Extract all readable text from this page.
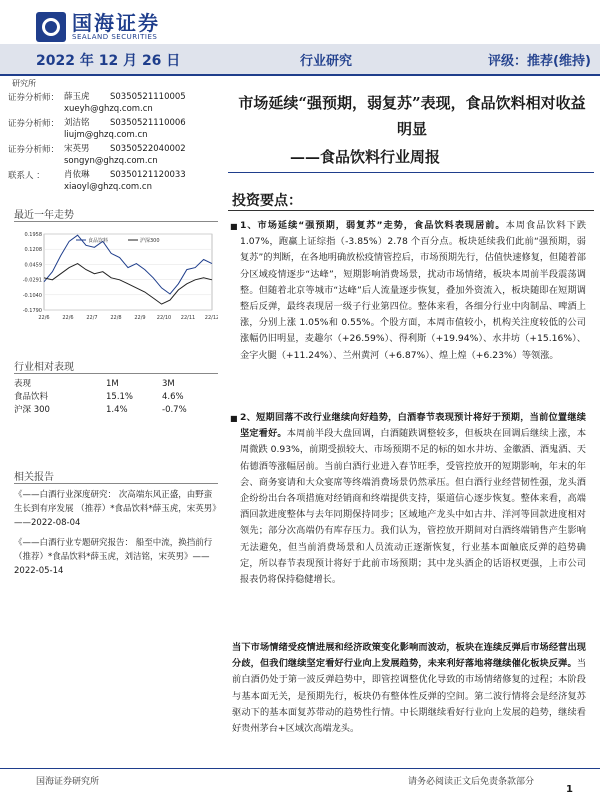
国海证券
SEALAND SECURITIES
2022 年 12 月 26 日	行业研究	评级：推荐(维持)
研究所
证券分析师： 薛玉虎	S0350521110005
xueyh@ghzq.com.cn
证券分析师： 刘洁铭	S0350521110006
liujm@ghzq.com.cn
证券分析师： 宋英男	S0350522040002
songyn@ghzq.com.cn
联系人 ：	肖依琳	S0350121120033
xiaoyl@ghzq.com.cn
最近一年走势
0.1958
0.1208
0.0459
-0.0291
-0.1040
-0.1790
22/6	22/6	22/7	22/8	22/9 22/10 22/11 22/12
食品饮料	沪深300
行业相对表现
表现	1M	3M
食品饮料	15.1%	4.6%
沪深 300	1.4%	-0.7%
相关报告
《——白酒行业深度研究： 次高端东风正盛，由野蛮生长到有序发展 （推荐）*食品饮料*薛玉虎，宋英男》——2022-08-04
《——白酒行业专题研究报告： 船至中流，换挡前行 （推荐）*食品饮料*薛玉虎，刘洁铭，宋英男》——2022-05-14
市场延续“强预期，弱复苏”表现，食品饮料相对收益明显
——食品饮料行业周报
投资要点：
■ 1、市场延续“强预期，弱复苏”走势，食品饮料表现居前。本周食品饮料下跌 1.07%，跑赢上证综指（-3.85%）2.78 个百分点。板块延续我们此前“强预期，弱复苏”的判断，在各地明确放松疫情管控后，市场预期先行，估值快速修复，但随着部分区域疫情逐步“达峰”，短期影响消费场景，扰动市场情绪，板块本周前半段震荡调整。但随着北京等城市“达峰”后人流量逐步恢复，叠加外资流入，板块随即在短期调整后反弹，最终表现居一级子行业第四位。整体来看，各细分行业中肉制品、啤酒上涨，分别上涨 1.05%和 0.55%。个股方面，本周市值较小，机构关注度较低的公司涨幅仍旧明显，麦趣尔（+26.59%）、得利斯（+19.94%）、水井坊（+15.16%）、金字火腿（+11.24%）、兰州黄河（+6.87%）、煌上煌（+6.23%）等领涨。
■ 2、短期回落不改行业继续向好趋势，白酒春节表现预计将好于预期，当前位置继续坚定看好。本周前半段大盘回调，白酒随跌调整较多，但板块在回调后继续上涨，本周微跌 0.93%，前期受损较大、市场预期不足的标的如水井坊、金徽酒、酒鬼酒、天佑德酒等涨幅居前。当前白酒行业进入春节旺季，受管控放开的短期影响，年末的年会、商务宴请和大众宴席等终端消费场景仍然承压。但白酒行业经营韧性强，龙头酒企纷纷出台各项措施对经销商和终端提供支持，渠道信心逐步恢复。整体来看，高端酒回款进度整体与去年同期保持同步；区域地产龙头中如古井、洋河等回款进度相对领先；部分次高端仍有库存压力。我们认为，管控放开期间对白酒终端销售产生影响无法避免，但当前消费场景和人员流动正逐渐恢复，行业基本面触底反弹的趋势确定，所以春节表现预计将好于此前市场预期；其中龙头酒企的话语权更强，上市公司报表仍将保持稳健增长。
当下市场情绪受疫情进展和经济政策变化影响而波动，板块在连续反弹后市场经营出现分歧，但我们继续坚定看好行业向上发展趋势，未来利好落地将继续催化板块反弹。当前白酒仍处于第一波反弹趋势中，即管控调整优化导致的市场情绪修复的过程；本阶段与基本面无关，是预期先行，板块仍有整体性反弹的空间。第二波行情将会是经济复苏驱动下的基本面复苏带动的趋势性行情。中长期继续看好行业向上发展的趋势，继续看好贵州茅台+区域次高端龙头。
国海证券研究所	请务必阅读正文后免责条款部分
1
